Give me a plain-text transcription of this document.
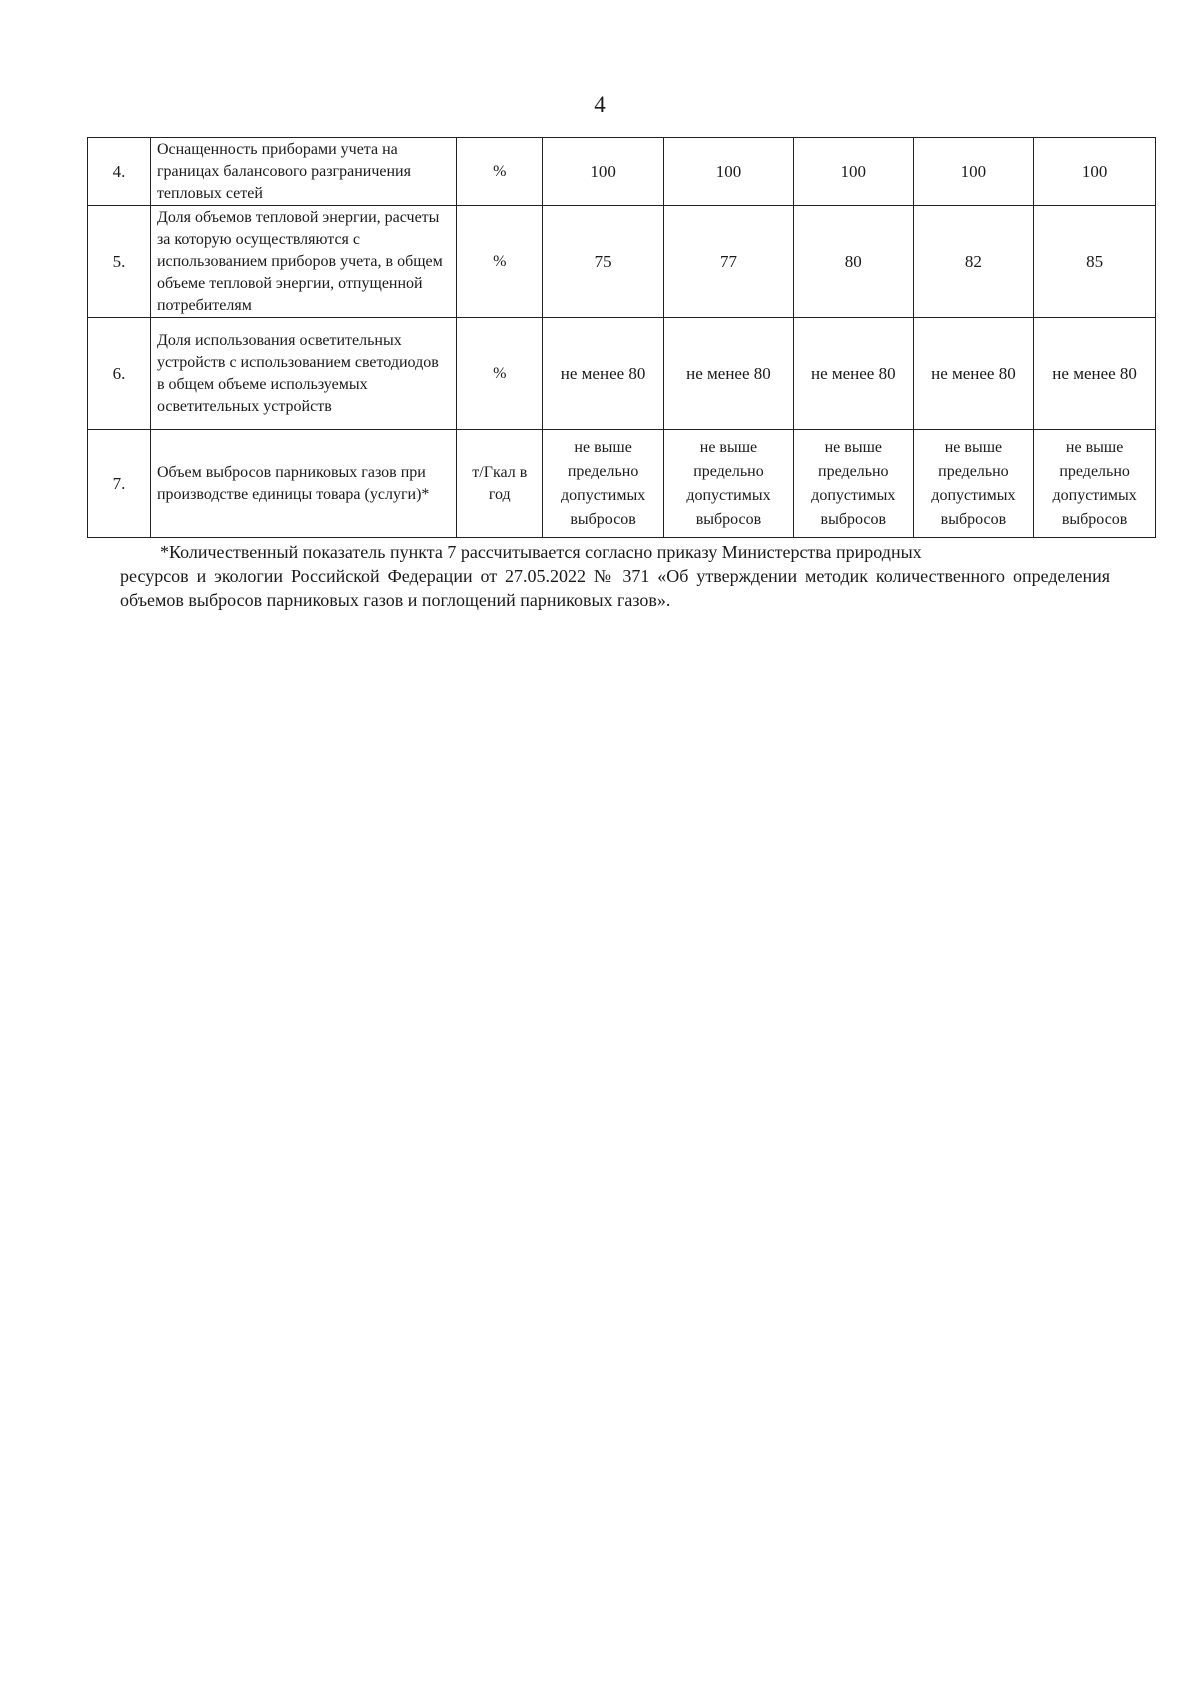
4
4.	Оснащенность приборами учета на границах балансового разграничения тепловых сетей	%	100	100	100	100	100
5.	Доля объемов тепловой энергии, расчеты за которую осуществляются с использованием приборов учета, в общем объеме тепловой энергии, отпущенной потребителям	%	75	77	80	82	85
6.	Доля использования осветительных устройств с использованием светодиодов в общем объеме используемых осветительных устройств	%	не менее 80	не менее 80	не менее 80	не менее 80	не менее 80
7.	Объем выбросов парниковых газов при производстве единицы товара (услуги)*	т/Гкал в год	не выше предельно допустимых выбросов	не выше предельно допустимых выбросов	не выше предельно допустимых выбросов	не выше предельно допустимых выбросов	не выше предельно допустимых выбросов

*Количественный показатель пункта 7 рассчитывается согласно приказу Министерства природных

ресурсов и экологии Российской Федерации от 27.05.2022 № 371 «Об утверждении методик количественного определения объемов выбросов парниковых газов и поглощений парниковых газов».
